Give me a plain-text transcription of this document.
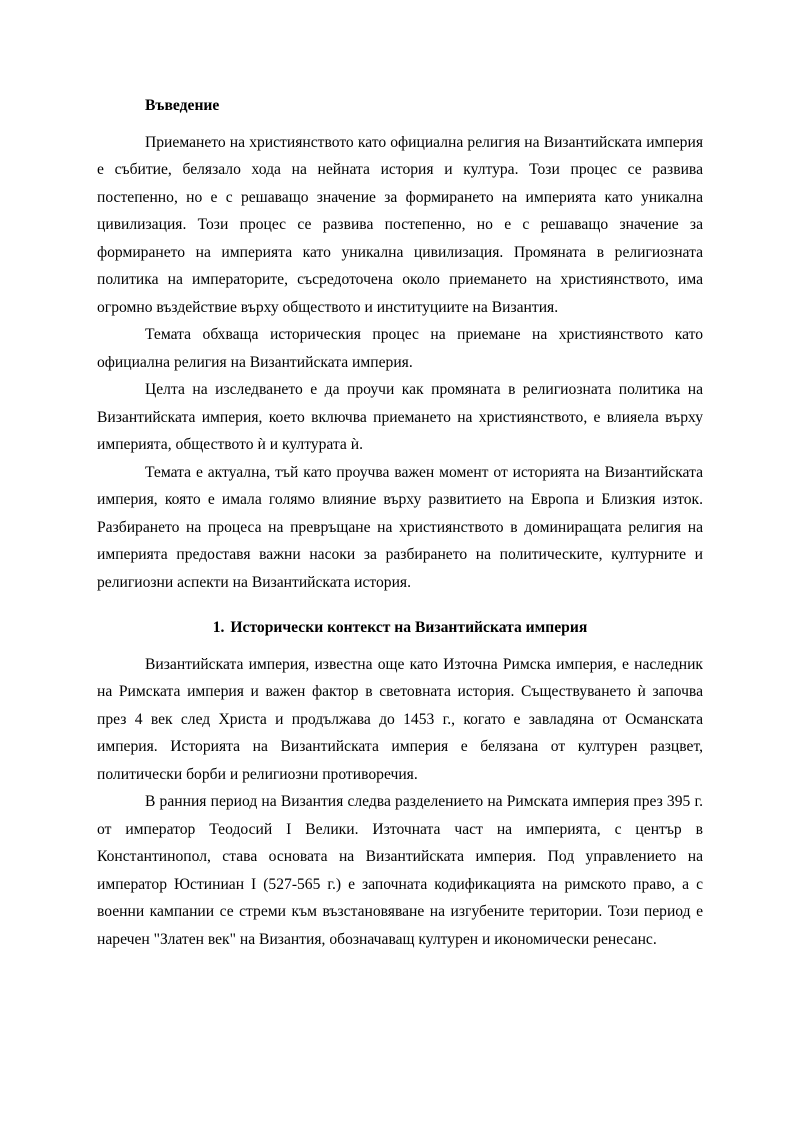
Въведение

Приемането на християнството като официална религия на Византийската империя е събитие, белязало хода на нейната история и култура. Този процес се развива постепенно, но е с решаващо значение за формирането на империята като уникална цивилизация. Този процес се развива постепенно, но е с решаващо значение за формирането на империята като уникална цивилизация. Промяната в религиозната политика на императорите, съсредоточена около приемането на християнството, има огромно въздействие върху обществото и институциите на Византия.

Темата обхваща историческия процес на приемане на християнството като официална религия на Византийската империя.

Целта на изследването е да проучи как промяната в религиозната политика на Византийската империя, което включва приемането на християнството, е влияела върху империята, обществото ѝ и културата ѝ.

Темата е актуална, тъй като проучва важен момент от историята на Византийската империя, която е имала голямо влияние върху развитието на Европа и Близкия изток. Разбирането на процеса на превръщане на християнството в доминиращата религия на империята предоставя важни насоки за разбирането на политическите, културните и религиозни аспекти на Византийската история.

1. Исторически контекст на Византийската империя

Византийската империя, известна още като Източна Римска империя, е наследник на Римската империя и важен фактор в световната история. Съществуването ѝ започва през 4 век след Христа и продължава до 1453 г., когато е завладяна от Османската империя. Историята на Византийската империя е белязана от културен разцвет, политически борби и религиозни противоречия.

В ранния период на Византия следва разделението на Римската империя през 395 г. от император Теодосий I Велики. Източната част на империята, с център в Константинопол, става основата на Византийската империя. Под управлението на император Юстиниан I (527-565 г.) е започната кодификацията на римското право, а с военни кампании се стреми към възстановяване на изгубените територии. Този период е наречен "Златен век" на Византия, обозначаващ културен и икономически ренесанс.
